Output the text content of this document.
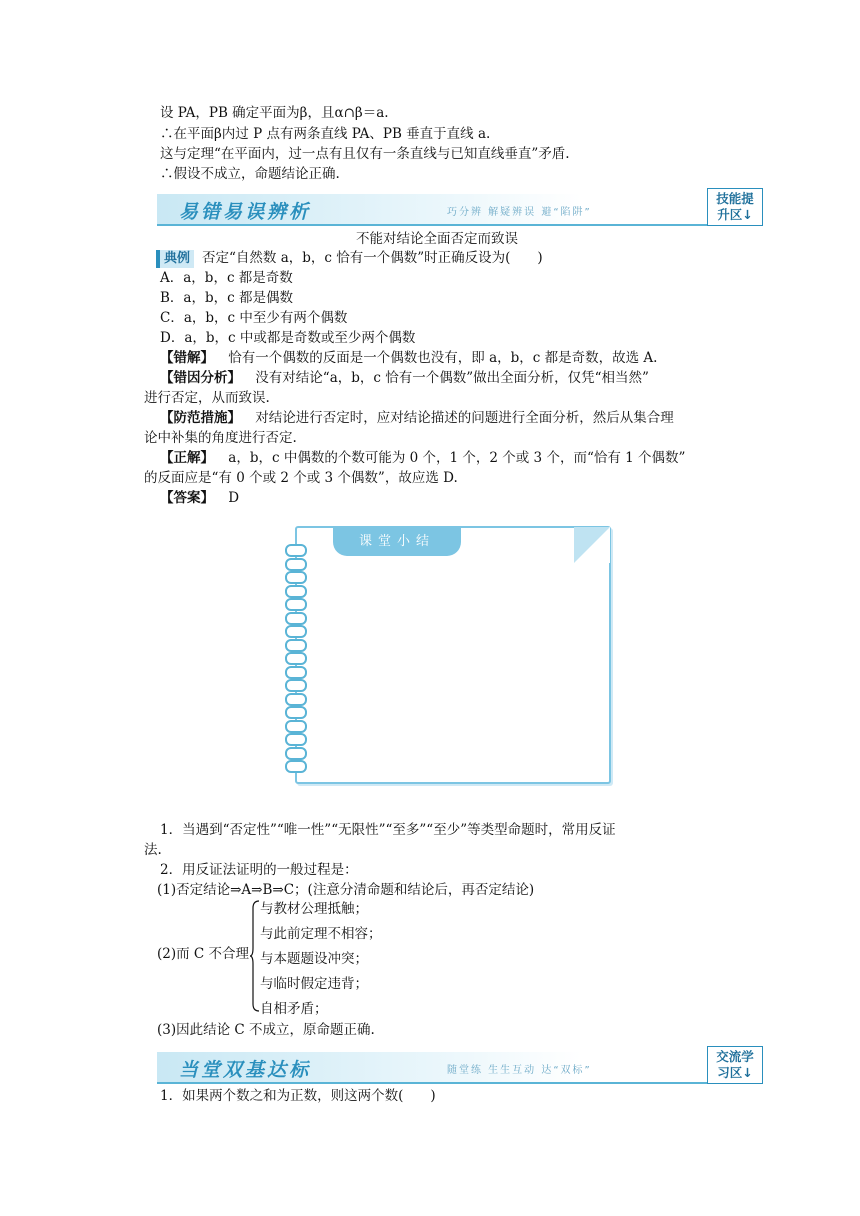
设 PA，PB 确定平面为β，且α∩β＝a.
∴在平面β内过 P 点有两条直线 PA、PB 垂直于直线 a.
这与定理“在平面内，过一点有且仅有一条直线与已知直线垂直”矛盾.
∴假设不成立，命题结论正确.
易错易误辨析	巧分辨 解疑辨误 避“陷阱”
技能提
升区↓
不能对结论全面否定而致误
典例 否定“自然数 a，b，c 恰有一个偶数”时正确反设为(　　)
A．a，b，c 都是奇数
B．a，b，c 都是偶数
C．a，b，c 中至少有两个偶数
D．a，b，c 中或都是奇数或至少两个偶数
【错解】 恰有一个偶数的反面是一个偶数也没有，即 a，b，c 都是奇数，故选 A.
【错因分析】 没有对结论“a，b，c 恰有一个偶数”做出全面分析，仅凭“相当然”
进行否定，从而致误.
【防范措施】 对结论进行否定时，应对结论描述的问题进行全面分析，然后从集合理
论中补集的角度进行否定.
【正解】 a，b，c 中偶数的个数可能为 0 个，1 个，2 个或 3 个，而“恰有 1 个偶数”
的反面应是“有 0 个或 2 个或 3 个偶数”，故应选 D.
【答案】 D
课堂小结
1．当遇到“否定性”“唯一性”“无限性”“至多”“至少”等类型命题时，常用反证
法.
2．用反证法证明的一般过程是：
(1)否定结论⇒A⇒B⇒C；(注意分清命题和结论后，再否定结论)
(2)而 C 不合理
与教材公理抵触；
与此前定理不相容；
与本题题设冲突；
与临时假定违背；
自相矛盾；
(3)因此结论 C 不成立，原命题正确.
当堂双基达标	随堂练 生生互动 达“双标”
交流学
习区↓
1．如果两个数之和为正数，则这两个数(　　)
